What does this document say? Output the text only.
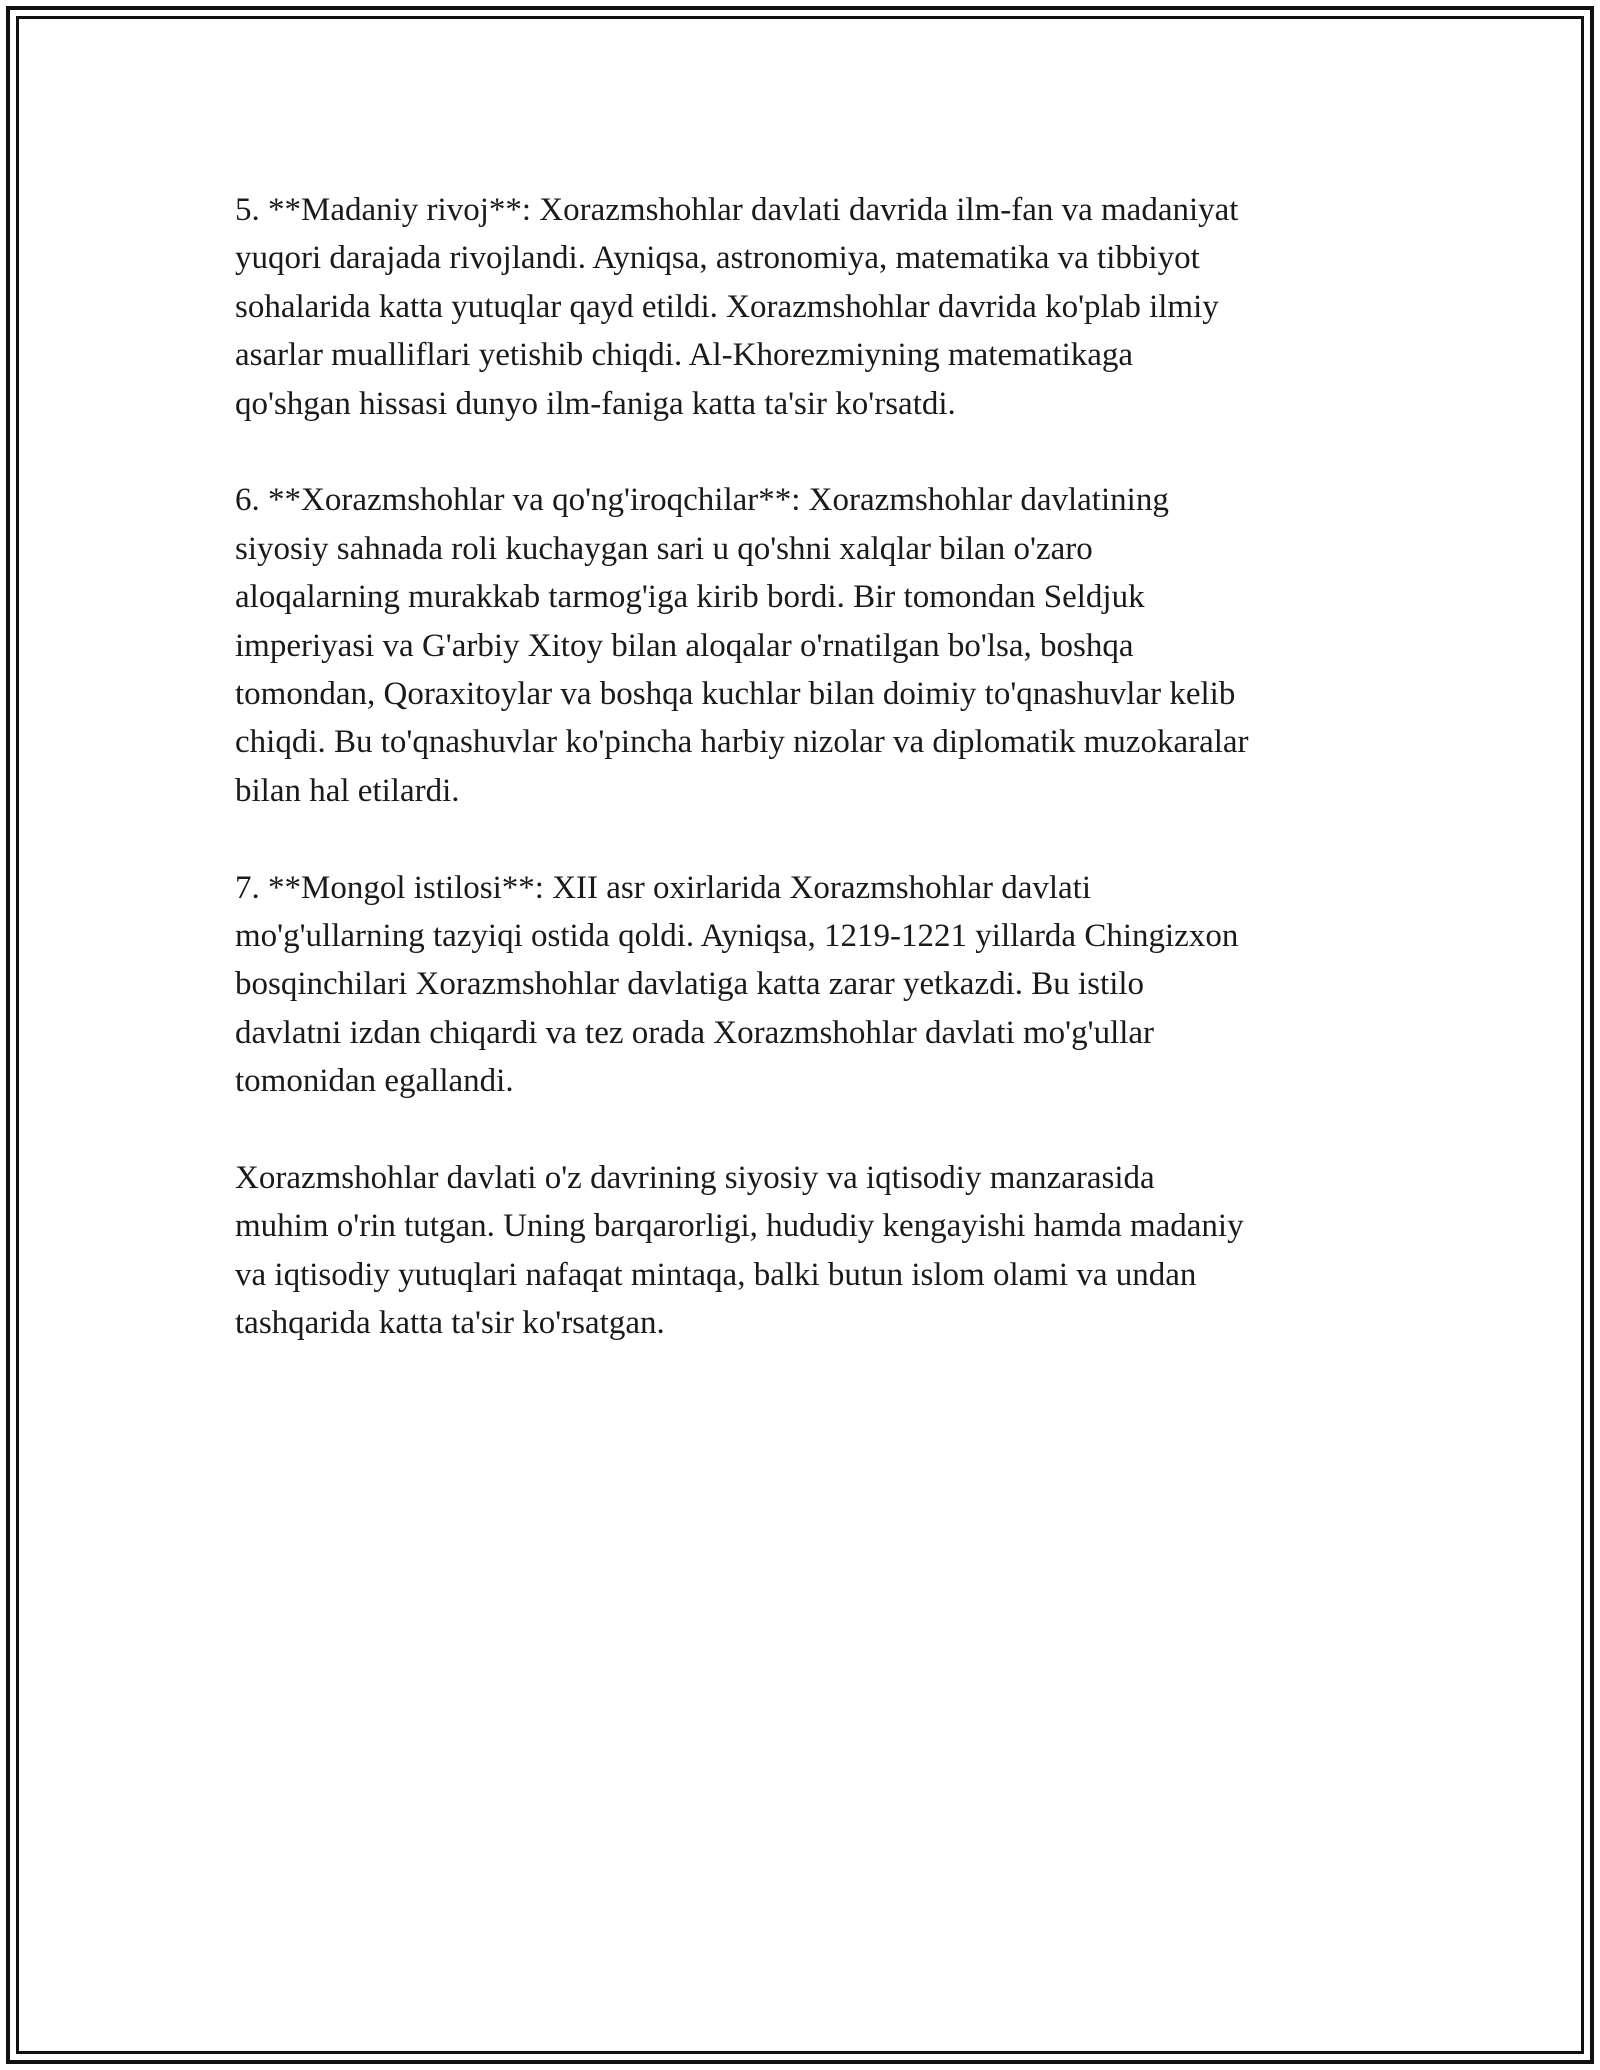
5. **Madaniy rivoj**: Xorazmshohlar davlati davrida ilm-fan va madaniyat
yuqori darajada rivojlandi. Ayniqsa, astronomiya, matematika va tibbiyot
sohalarida katta yutuqlar qayd etildi. Xorazmshohlar davrida ko'plab ilmiy
asarlar mualliflari yetishib chiqdi. Al-Khorezmiyning matematikaga
qo'shgan hissasi dunyo ilm-faniga katta ta'sir ko'rsatdi.

6. **Xorazmshohlar va qo'ng'iroqchilar**: Xorazmshohlar davlatining
siyosiy sahnada roli kuchaygan sari u qo'shni xalqlar bilan o'zaro
aloqalarning murakkab tarmog'iga kirib bordi. Bir tomondan Seldjuk
imperiyasi va G'arbiy Xitoy bilan aloqalar o'rnatilgan bo'lsa, boshqa
tomondan, Qoraxitoylar va boshqa kuchlar bilan doimiy to'qnashuvlar kelib
chiqdi. Bu to'qnashuvlar ko'pincha harbiy nizolar va diplomatik muzokaralar
bilan hal etilardi.

7. **Mongol istilosi**: XII asr oxirlarida Xorazmshohlar davlati
mo'g'ullarning tazyiqi ostida qoldi. Ayniqsa, 1219-1221 yillarda Chingizxon
bosqinchilari Xorazmshohlar davlatiga katta zarar yetkazdi. Bu istilo
davlatni izdan chiqardi va tez orada Xorazmshohlar davlati mo'g'ullar
tomonidan egallandi.

Xorazmshohlar davlati o'z davrining siyosiy va iqtisodiy manzarasida
muhim o'rin tutgan. Uning barqarorligi, hududiy kengayishi hamda madaniy
va iqtisodiy yutuqlari nafaqat mintaqa, balki butun islom olami va undan
tashqarida katta ta'sir ko'rsatgan.
